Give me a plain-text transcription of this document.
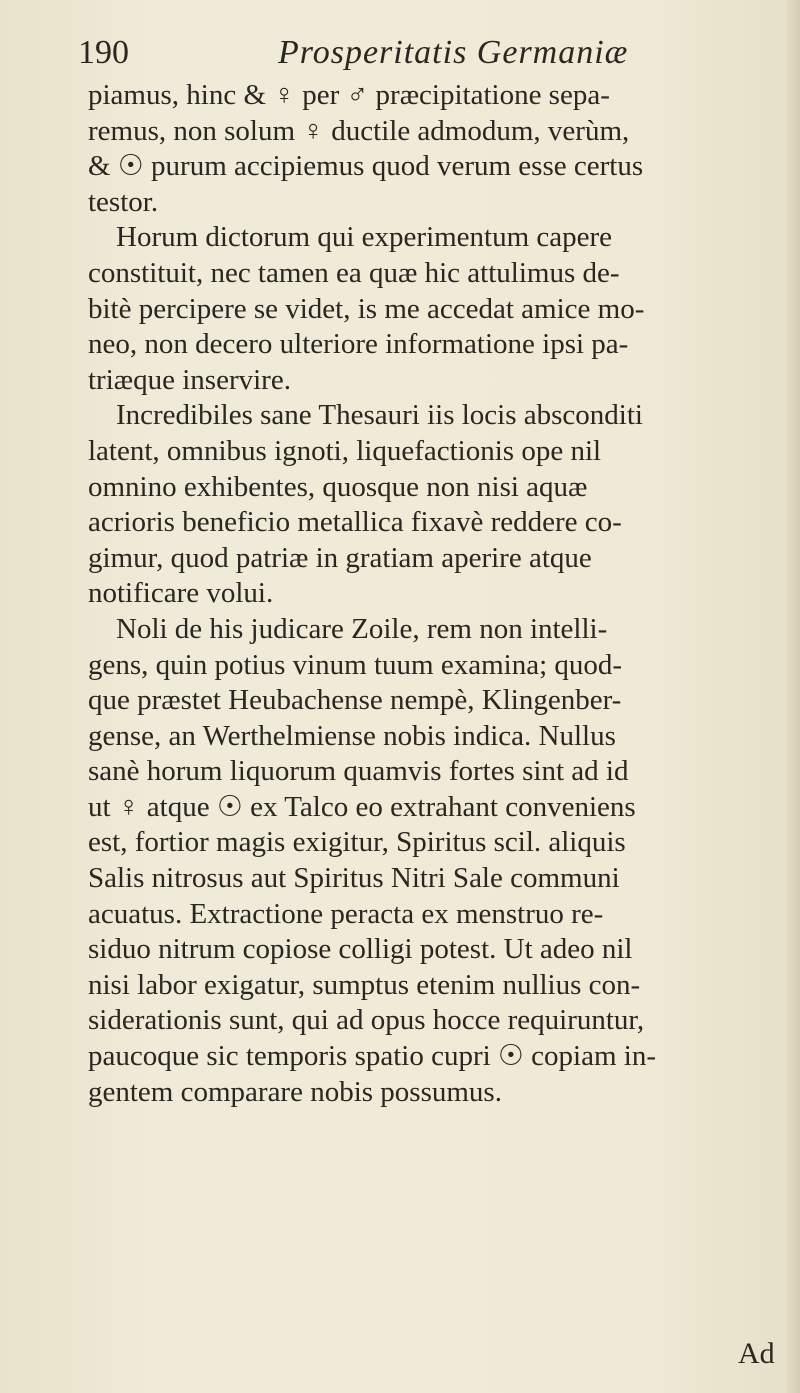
190	Prosperitatis Germaniæ
piamus, hinc & ♀ per ♂ præcipitatione sepa-
remus, non solum ♀ ductile admodum, verùm,
& ☉ purum accipiemus quod verum esse certus
testor.
Horum dictorum qui experimentum capere
constituit, nec tamen ea quæ hic attulimus de-
bitè percipere se videt, is me accedat amice mo-
neo, non decero ulteriore informatione ipsi pa-
triæque inservire.
Incredibiles sane Thesauri iis locis absconditi
latent, omnibus ignoti, liquefactionis ope nil
omnino exhibentes, quosque non nisi aquæ
acrioris beneficio metallica fixavè reddere co-
gimur, quod patriæ in gratiam aperire atque
notificare volui.
Noli de his judicare Zoile, rem non intelli-
gens, quin potius vinum tuum examina; quod-
que præstet Heubachense nempè, Klingenber-
gense, an Werthelmiense nobis indica. Nullus
sanè horum liquorum quamvis fortes sint ad id
ut ♀ atque ☉ ex Talco eo extrahant conveniens
est, fortior magis exigitur, Spiritus scil. aliquis
Salis nitrosus aut Spiritus Nitri Sale communi
acuatus. Extractione peracta ex menstruo re-
siduo nitrum copiose colligi potest. Ut adeo nil
nisi labor exigatur, sumptus etenim nullius con-
siderationis sunt, qui ad opus hocce requiruntur,
paucoque sic temporis spatio cupri ☉ copiam in-
gentem comparare nobis possumus.
Ad
